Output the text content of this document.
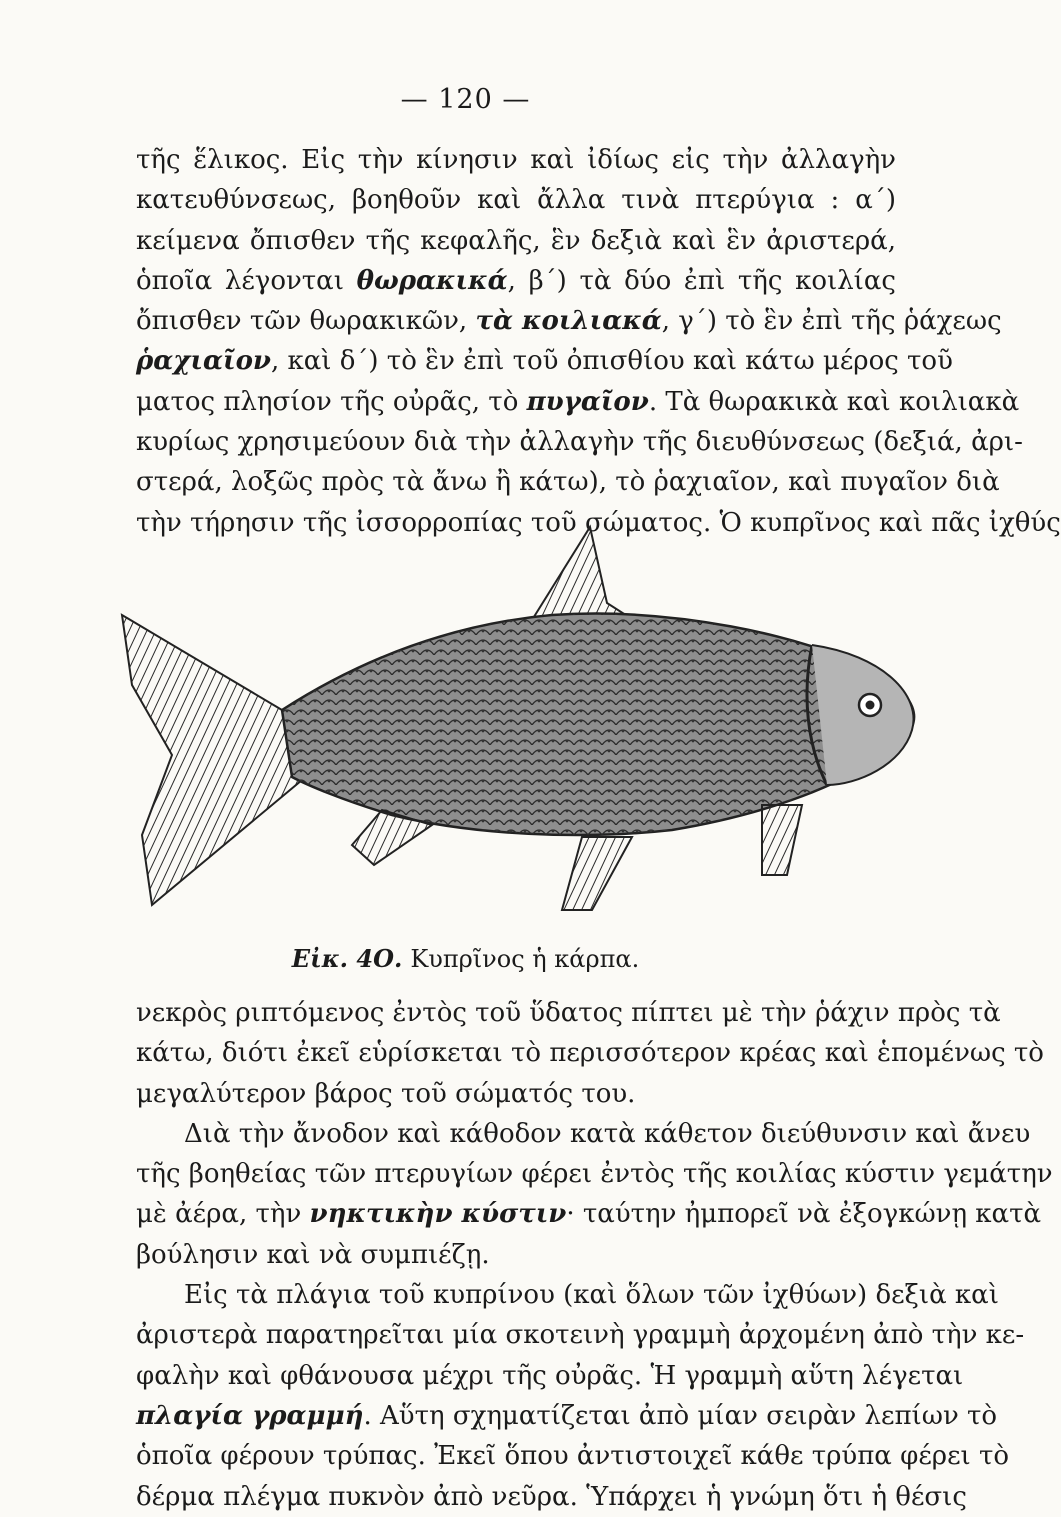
— 120 —
τῆς ἕλικος. Εἰς τὴν κίνησιν καὶ ἰδίως εἰς τὴν ἀλλαγὴν
κατευθύνσεως, βοηθοῦν καὶ ἄλλα τινὰ πτερύγια : α΄)
κείμενα ὄπισθεν τῆς κεφαλῆς, ἓν δεξιὰ καὶ ἓν ἀριστερά,
ὁποῖα λέγονται θωρακικά, β΄) τὰ δύο ἐπὶ τῆς κοιλίας
ὄπισθεν τῶν θωρακικῶν, τὰ κοιλιακά, γ΄) τὸ ἓν ἐπὶ τῆς ῥάχεως
ῥαχιαῖον, καὶ δ΄) τὸ ἓν ἐπὶ τοῦ ὀπισθίου καὶ κάτω μέρος τοῦ
ματος πλησίον τῆς οὐρᾶς, τὸ πυγαῖον. Τὰ θωρακικὰ καὶ κοιλιακὰ
κυρίως χρησιμεύουν διὰ τὴν ἀλλαγὴν τῆς διευθύνσεως (δεξιά, ἀρι-
στερά, λοξῶς πρὸς τὰ ἄνω ἢ κάτω), τὸ ῥαχιαῖον, καὶ πυγαῖον διὰ
τὴν τήρησιν τῆς ἰσσορροπίας τοῦ σώματος. Ὁ κυπρῖνος καὶ πᾶς ἰχθύς
Εἰκ. 4Ο. Κυπρῖνος ἡ κάρπα.
νεκρὸς ριπτόμενος ἐντὸς τοῦ ὕδατος πίπτει μὲ τὴν ῥάχιν πρὸς τὰ
κάτω, διότι ἐκεῖ εὑρίσκεται τὸ περισσότερον κρέας καὶ ἑπομένως τὸ
μεγαλύτερον βάρος τοῦ σώματός του.
Διὰ τὴν ἄνοδον καὶ κάθοδον κατὰ κάθετον διεύθυνσιν καὶ ἄνευ
τῆς βοηθείας τῶν πτερυγίων φέρει ἐντὸς τῆς κοιλίας κύστιν γεμάτην
μὲ ἀέρα, τὴν νηκτικὴν κύστιν· ταύτην ἠμπορεῖ νὰ ἐξογκώνῃ κατὰ
βούλησιν καὶ νὰ συμπιέζῃ.
Εἰς τὰ πλάγια τοῦ κυπρίνου (καὶ ὅλων τῶν ἰχθύων) δεξιὰ καὶ
ἀριστερὰ παρατηρεῖται μία σκοτεινὴ γραμμὴ ἀρχομένη ἀπὸ τὴν κε-
φαλὴν καὶ φθάνουσα μέχρι τῆς οὐρᾶς. Ἡ γραμμὴ αὕτη λέγεται
πλαγία γραμμή. Αὕτη σχηματίζεται ἀπὸ μίαν σειρὰν λεπίων τὸ
ὁποῖα φέρουν τρύπας. Ἐκεῖ ὅπου ἀντιστοιχεῖ κάθε τρύπα φέρει τὸ
δέρμα πλέγμα πυκνὸν ἀπὸ νεῦρα. Ὑπάρχει ἡ γνώμη ὅτι ἡ θέσις
